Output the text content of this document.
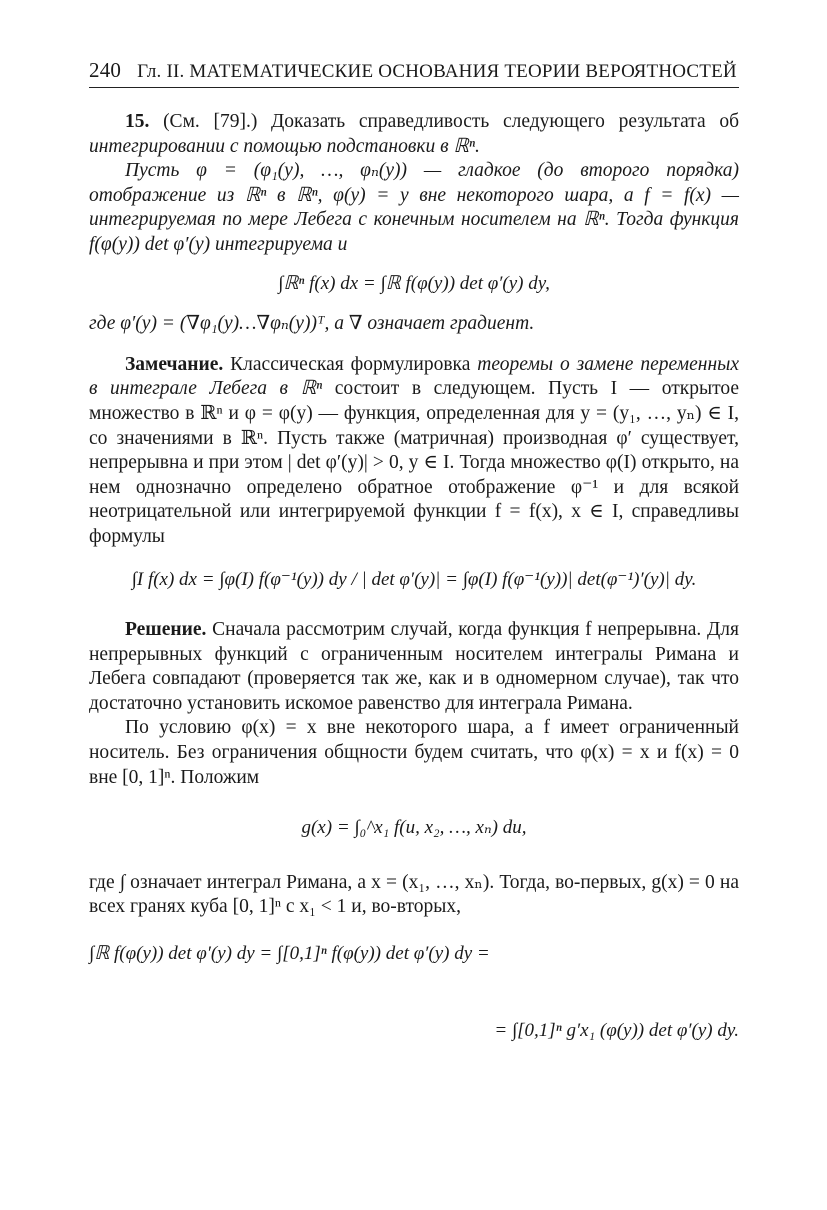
240 Гл. II. МАТЕМАТИЧЕСКИЕ ОСНОВАНИЯ ТЕОРИИ ВЕРОЯТНОСТЕЙ

15. (См. [79].) Доказать справедливость следующего результата об интегрировании с помощью подстановки в ℝⁿ.

Пусть φ = (φ₁(y), …, φₙ(y)) — гладкое (до второго порядка) отображение из ℝⁿ в ℝⁿ, φ(y) = y вне некоторого шара, a f = f(x) — интегрируемая по мере Лебега с конечным носителем на ℝⁿ. Тогда функция f(φ(y)) det φ′(y) интегрируема и

∫ℝⁿ f(x) dx = ∫ℝ f(φ(y)) det φ′(y) dy,

где φ′(y) = (∇φ₁(y)…∇φₙ(y))ᵀ, а ∇ означает градиент.

Замечание. Классическая формулировка теоремы о замене переменных в интеграле Лебега в ℝⁿ состоит в следующем. Пусть I — открытое множество в ℝⁿ и φ = φ(y) — функция, определенная для y = (y₁, …, yₙ) ∈ I, со значениями в ℝⁿ. Пусть также (матричная) производная φ′ существует, непрерывна и при этом | det φ′(y)| > 0, y ∈ I. Тогда множество φ(I) открыто, на нем однозначно определено обратное отображение φ⁻¹ и для всякой неотрицательной или интегрируемой функции f = f(x), x ∈ I, справедливы формулы

∫I f(x) dx = ∫φ(I) f(φ⁻¹(y)) dy / | det φ′(y)| = ∫φ(I) f(φ⁻¹(y))| det(φ⁻¹)′(y)| dy.

Решение. Сначала рассмотрим случай, когда функция f непрерывна. Для непрерывных функций с ограниченным носителем интегралы Римана и Лебега совпадают (проверяется так же, как и в одномерном случае), так что достаточно установить искомое равенство для интеграла Римана.

По условию φ(x) = x вне некоторого шара, а f имеет ограниченный носитель. Без ограничения общности будем считать, что φ(x) = x и f(x) = 0 вне [0, 1]ⁿ. Положим

g(x) = ∫₀^x₁ f(u, x₂, …, xₙ) du,

где ∫ означает интеграл Римана, а x = (x₁, …, xₙ). Тогда, во-первых, g(x) = 0 на всех гранях куба [0, 1]ⁿ с x₁ < 1 и, во-вторых,

∫ℝ f(φ(y)) det φ′(y) dy = ∫[0,1]ⁿ f(φ(y)) det φ′(y) dy =
= ∫[0,1]ⁿ g′x₁ (φ(y)) det φ′(y) dy.
